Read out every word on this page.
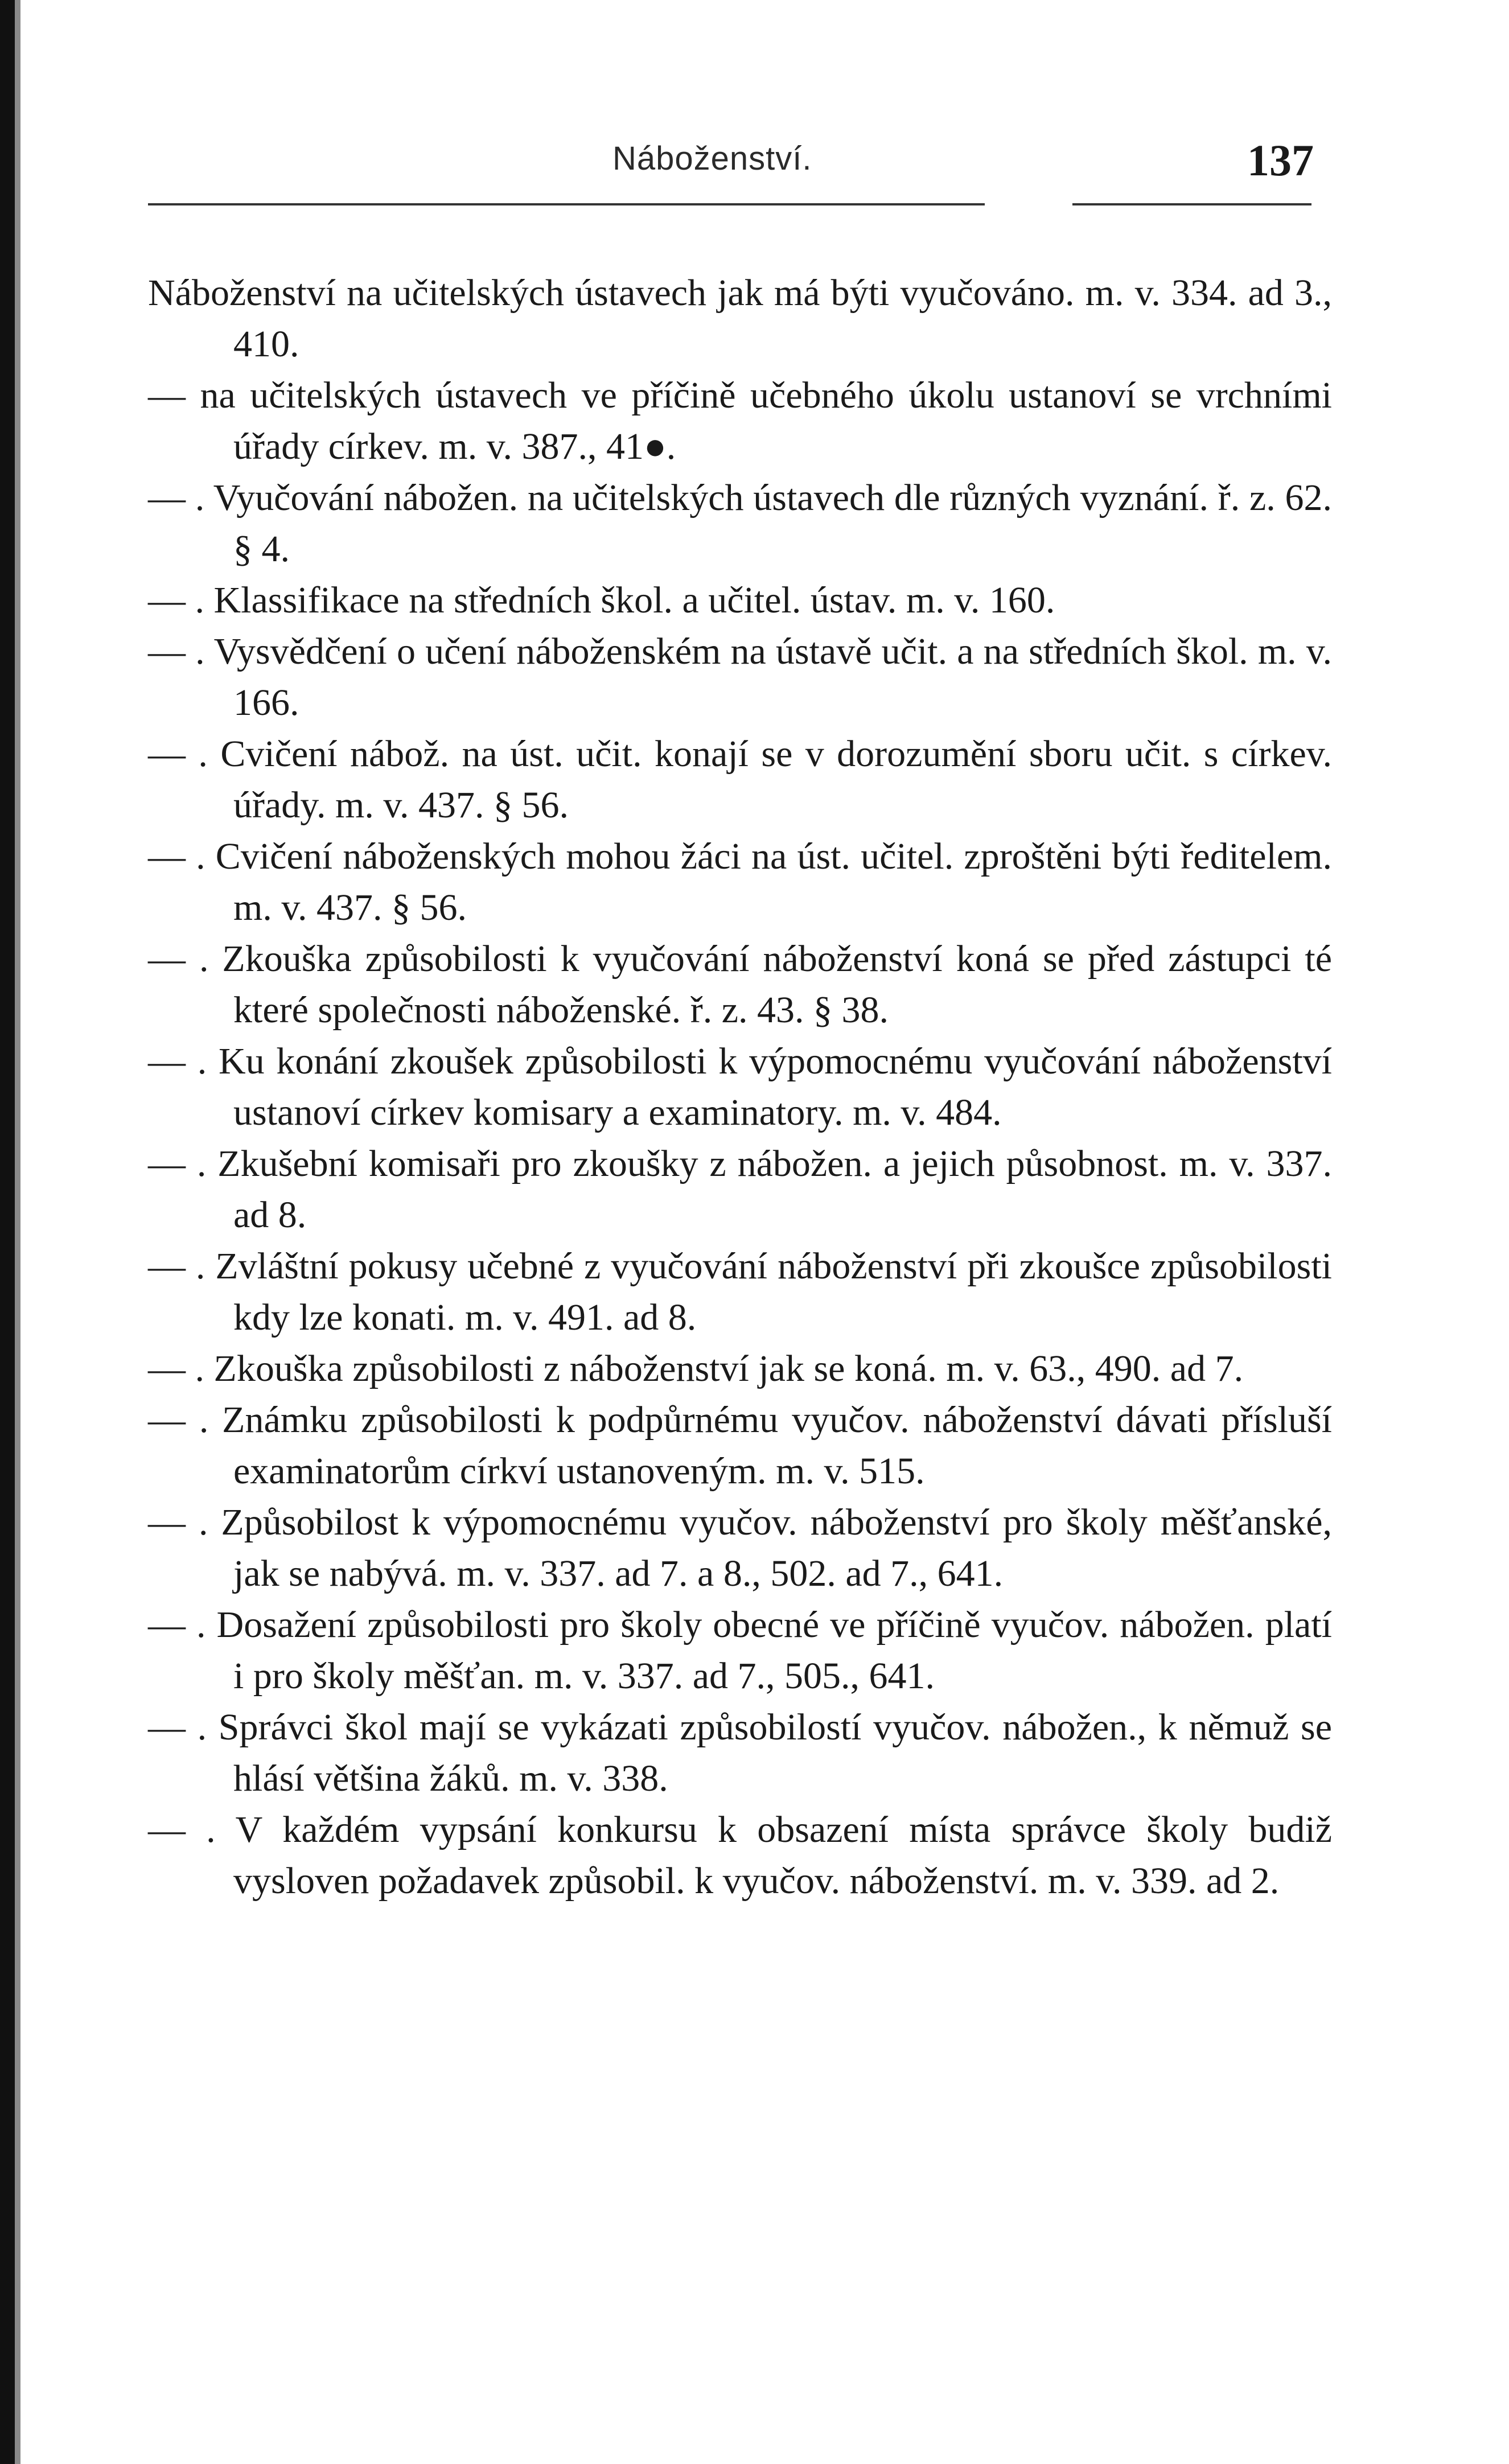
Náboženství.	137

Náboženství na učitelských ústavech jak má býti vyučováno. m. v. 334. ad 3., 410.

— na učitelských ústavech ve příčině učebného úkolu ustanoví se vrchními úřady církev. m. v. 387., 41●.

— . Vyučování nábožen. na učitelských ústavech dle různých vyznání. ř. z. 62. § 4.

— . Klassifikace na středních škol. a učitel. ústav. m. v. 160.

— . Vysvědčení o učení náboženském na ústavě učit. a na středních škol. m. v. 166.

— . Cvičení nábož. na úst. učit. konají se v dorozumění sboru učit. s církev. úřady. m. v. 437. § 56.

— . Cvičení náboženských mohou žáci na úst. učitel. zproštěni býti ředitelem. m. v. 437. § 56.

— . Zkouška způsobilosti k vyučování náboženství koná se před zástupci té které společnosti náboženské. ř. z. 43. § 38.

— . Ku konání zkoušek způsobilosti k výpomocnému vyučování náboženství ustanoví církev komisary a examinatory. m. v. 484.

— . Zkušební komisaři pro zkoušky z nábožen. a jejich působnost. m. v. 337. ad 8.

— . Zvláštní pokusy učebné z vyučování náboženství při zkoušce způsobilosti kdy lze konati. m. v. 491. ad 8.

— . Zkouška způsobilosti z náboženství jak se koná. m. v. 63., 490. ad 7.

— . Známku způsobilosti k podpůrnému vyučov. náboženství dávati přísluší examinatorům církví ustanoveným. m. v. 515.

— . Způsobilost k výpomocnému vyučov. náboženství pro školy měšťanské, jak se nabývá. m. v. 337. ad 7. a 8., 502. ad 7., 641.

— . Dosažení způsobilosti pro školy obecné ve příčině vyučov. nábožen. platí i pro školy měšťan. m. v. 337. ad 7., 505., 641.

— . Správci škol mají se vykázati způsobilostí vyučov. nábožen., k němuž se hlásí většina žáků. m. v. 338.

— . V každém vypsání konkursu k obsazení místa správce školy budiž vysloven požadavek způsobil. k vyučov. náboženství. m. v. 339. ad 2.
